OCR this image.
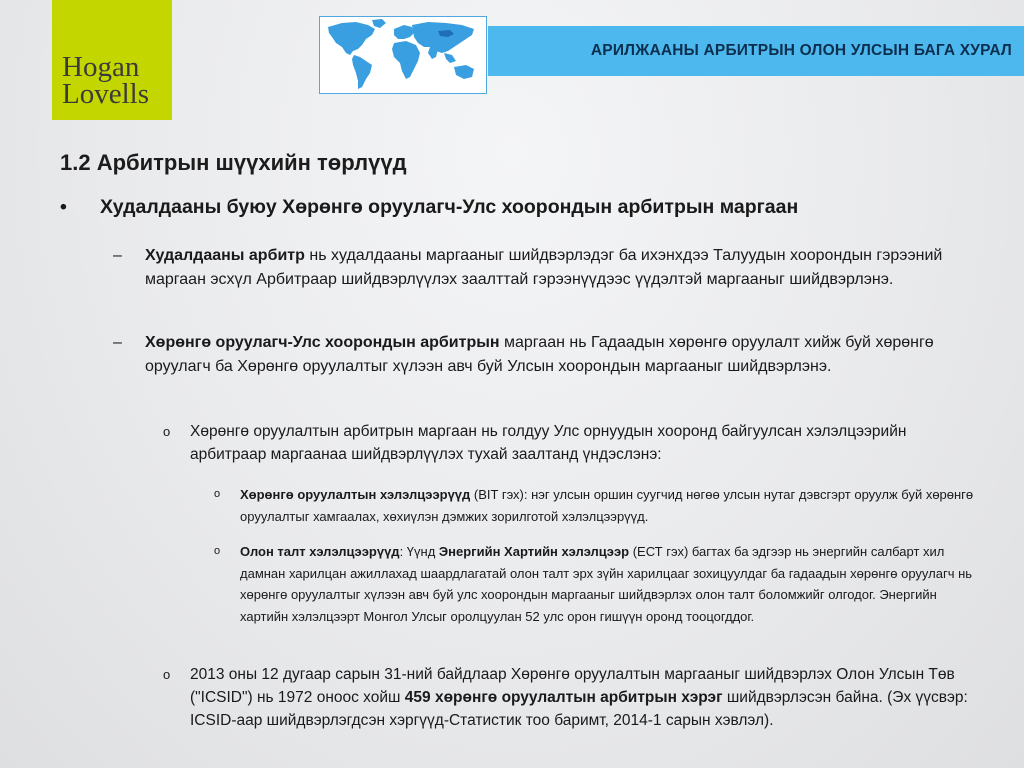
Hogan
Lovells
АРИЛЖААНЫ АРБИТРЫН ОЛОН УЛСЫН БАГА ХУРАЛ
1.2 Арбитрын шүүхийн төрлүүд
• Худалдааны буюу Хөрөнгө оруулагч-Улс хоорондын арбитрын маргаан
– Худалдааны арбитр нь худалдааны маргааныг шийдвэрлэдэг ба ихэнхдээ Талуудын хоорондын гэрээний маргаан эсхүл Арбитраар шийдвэрлүүлэх заалттай гэрээнүүдээс үүдэлтэй маргааныг шийдвэрлэнэ.
– Хөрөнгө оруулагч-Улс хоорондын арбитрын маргаан нь Гадаадын хөрөнгө оруулалт хийж буй хөрөнгө оруулагч ба Хөрөнгө оруулалтыг хүлээн авч буй Улсын хоорондын маргааныг шийдвэрлэнэ.
o Хөрөнгө оруулалтын арбитрын маргаан нь голдуу Улс орнуудын хооронд байгуулсан хэлэлцээрийн арбитраар маргаанаа шийдвэрлүүлэх тухай заалтанд үндэслэнэ:
o Хөрөнгө оруулалтын хэлэлцээрүүд (BIT гэх): нэг улсын оршин суугчид нөгөө улсын нутаг дэвсгэрт оруулж буй хөрөнгө оруулалтыг хамгаалах, хөхиүлэн дэмжих зорилготой хэлэлцээрүүд.
o Олон талт хэлэлцээрүүд: Үүнд Энергийн Хартийн хэлэлцээр (ЕСТ гэх) багтах ба эдгээр нь энергийн салбарт хил дамнан харилцан ажиллахад шаардлагатай олон талт эрх зүйн харилцааг зохицуулдаг ба гадаадын хөрөнгө оруулагч нь хөрөнгө оруулалтыг хүлээн авч буй улс хоорондын маргааныг шийдвэрлэх олон талт боломжийг олгодог. Энергийн хартийн хэлэлцээрт Монгол Улсыг оролцуулан 52 улс орон гишүүн оронд тооцогддог.
o 2013 оны 12 дугаар сарын 31-ний байдлаар Хөрөнгө оруулалтын маргааныг шийдвэрлэх Олон Улсын Төв ("ICSID") нь 1972 оноос хойш 459 хөрөнгө оруулалтын арбитрын хэрэг шийдвэрлэсэн байна. (Эх үүсвэр: ICSID-аар шийдвэрлэгдсэн хэргүүд-Статистик тоо баримт, 2014-1 сарын хэвлэл).
